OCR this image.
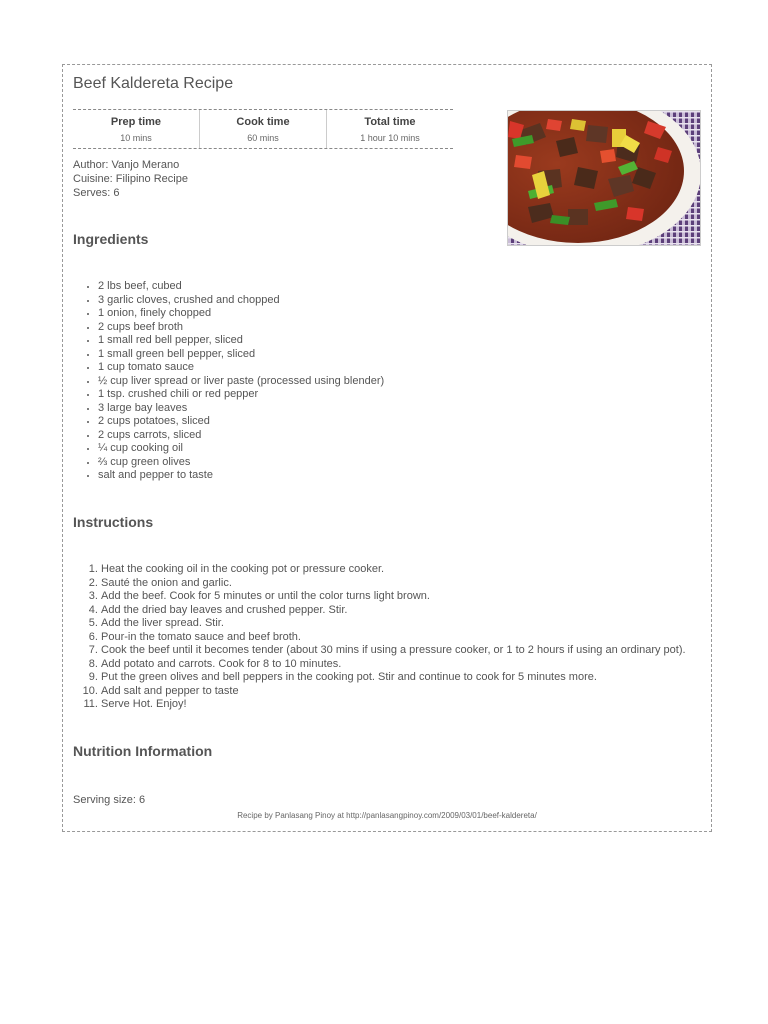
Beef Kaldereta Recipe
Prep time
10 mins
Cook time
60 mins
Total time
1 hour 10 mins
Author: Vanjo Merano
Cuisine: Filipino Recipe
Serves: 6
Ingredients
• 2 lbs beef, cubed
• 3 garlic cloves, crushed and chopped
• 1 onion, finely chopped
• 2 cups beef broth
• 1 small red bell pepper, sliced
• 1 small green bell pepper, sliced
• 1 cup tomato sauce
• ½ cup liver spread or liver paste (processed using blender)
• 1 tsp. crushed chili or red pepper
• 3 large bay leaves
• 2 cups potatoes, sliced
• 2 cups carrots, sliced
• ¼ cup cooking oil
• ⅔ cup green olives
• salt and pepper to taste
Instructions
1. Heat the cooking oil in the cooking pot or pressure cooker.
2. Sauté the onion and garlic.
3. Add the beef. Cook for 5 minutes or until the color turns light brown.
4. Add the dried bay leaves and crushed pepper. Stir.
5. Add the liver spread. Stir.
6. Pour-in the tomato sauce and beef broth.
7. Cook the beef until it becomes tender (about 30 mins if using a pressure cooker, or 1 to 2 hours if using an ordinary pot).
8. Add potato and carrots. Cook for 8 to 10 minutes.
9. Put the green olives and bell peppers in the cooking pot. Stir and continue to cook for 5 minutes more.
10. Add salt and pepper to taste
11. Serve Hot. Enjoy!
Nutrition Information
Serving size: 6
Recipe by Panlasang Pinoy at http://panlasangpinoy.com/2009/03/01/beef-kaldereta/
